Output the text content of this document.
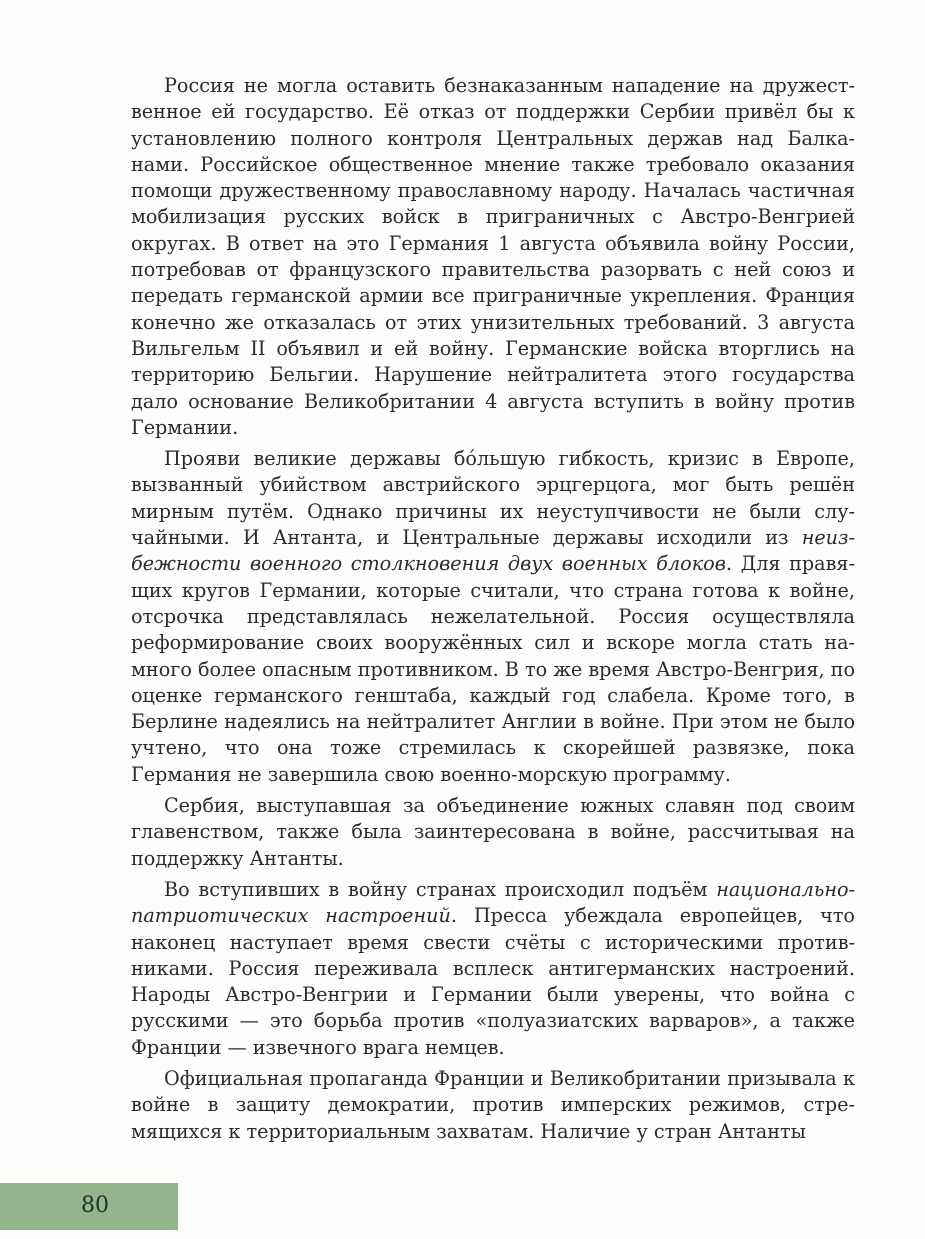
Россия не могла оставить безнаказанным нападение на дружественное ей государство. Её отказ от поддержки Сербии привёл бы к установлению полного контроля Центральных держав над Балканами. Российское общественное мнение также требовало оказания помощи дружественному православному народу. Началась частичная мобилизация русских войск в приграничных с Австро-Венгрией округах. В ответ на это Германия 1 августа объявила войну России, потребовав от французского правительства разорвать с ней союз и передать германской армии все приграничные укрепления. Франция конечно же отказалась от этих унизительных требований. 3 августа Вильгельм II объявил и ей войну. Германские войска вторглись на территорию Бельгии. Нарушение нейтралитета этого государства дало основание Великобритании 4 августа вступить в войну против Германии.

Прояви великие державы бóльшую гибкость, кризис в Европе, вызванный убийством австрийского эрцгерцога, мог быть решён мирным путём. Однако причины их неуступчивости не были случайными. И Антанта, и Центральные державы исходили из неизбежности военного столкновения двух военных блоков. Для правящих кругов Германии, которые считали, что страна готова к войне, отсрочка представлялась нежелательной. Россия осуществляла реформирование своих вооружённых сил и вскоре могла стать намного более опасным противником. В то же время Австро-Венгрия, по оценке германского генштаба, каждый год слабела. Кроме того, в Берлине надеялись на нейтралитет Англии в войне. При этом не было учтено, что она тоже стремилась к скорейшей развязке, пока Германия не завершила свою военно-морскую программу.

Сербия, выступавшая за объединение южных славян под своим главенством, также была заинтересована в войне, рассчитывая на поддержку Антанты.

Во вступивших в войну странах происходил подъём национально-патриотических настроений. Пресса убеждала европейцев, что наконец наступает время свести счёты с историческими противниками. Россия переживала всплеск антигерманских настроений. Народы Австро-Венгрии и Германии были уверены, что война с русскими — это борьба против «полуазиатских варваров», а также Франции — извечного врага немцев.

Официальная пропаганда Франции и Великобритании призывала к войне в защиту демократии, против имперских режимов, стремящихся к территориальным захватам. Наличие у стран Антанты

80
